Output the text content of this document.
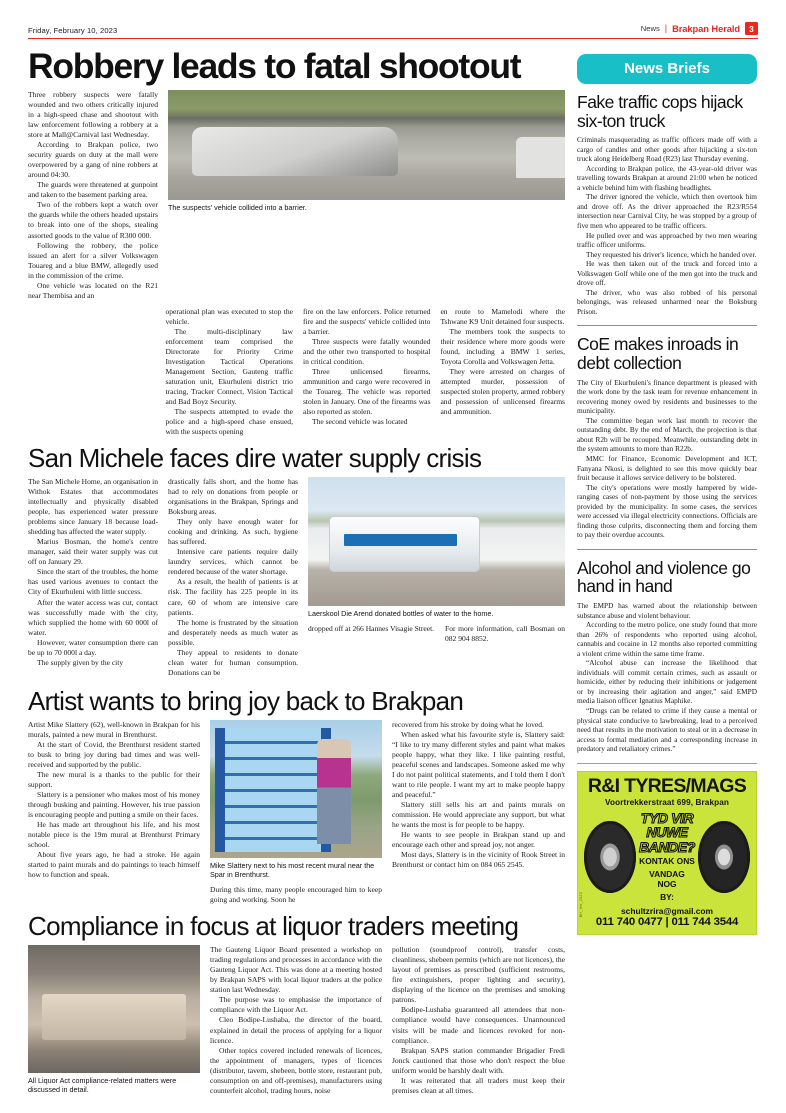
Friday, February 10, 2023	News | Brakpan Herald	3
Robbery leads to fatal shootout

Three robbery suspects were fatally wounded and two others critically injured in a high-speed chase and shootout with law enforcement following a robbery at a store at Mall@Carnival last Wednesday.

According to Brakpan police, two security guards on duty at the mall were overpowered by a gang of nine robbers at around 04:30.

The guards were threatened at gunpoint and taken to the basement parking area.

Two of the robbers kept a watch over the guards while the others headed upstairs to break into one of the shops, stealing assorted goods to the value of R300 000.

Following the robbery, the police issued an alert for a silver Volkswagen Touareg and a blue BMW, allegedly used in the commission of the crime.

One vehicle was located on the R21 near Thembisa and an

The suspects' vehicle collided into a barrier.

operational plan was executed to stop the vehicle.

The multi-disciplinary law enforcement team comprised the Directorate for Priority Crime Investigation Tactical Operations Management Section, Gauteng traffic saturation unit, Ekurhuleni district trio tracing, Tracker Connect, Vision Tactical and Bad Boyz Security.

The suspects attempted to evade the police and a high-speed chase ensued, with the suspects opening

fire on the law enforcers. Police returned fire and the suspects' vehicle collided into a barrier.

Three suspects were fatally wounded and the other two transported to hospital in critical condition.

Three unlicensed firearms, ammunition and cargo were recovered in the Touareg. The vehicle was reported stolen in January. One of the firearms was also reported as stolen.

The second vehicle was located

en route to Mamelodi where the Tshwane K9 Unit detained four suspects.

The members took the suspects to their residence where more goods were found, including a BMW 1 series, Toyota Corolla and Volkswagen Jetta.

They were arrested on charges of attempted murder, possession of suspected stolen property, armed robbery and possession of unlicensed firearms and ammunition.

San Michele faces dire water supply crisis

The San Michele Home, an organisation in Withok Estates that accommodates intellectually and physically disabled people, has experienced water pressure problems since January 18 because load-shedding has affected the water supply.

Marius Bosman, the home's centre manager, said their water supply was cut off on January 29.

Since the start of the troubles, the home has used various avenues to contact the City of Ekurhuleni with little success.

After the water access was cut, contact was successfully made with the city, which supplied the home with 60 000l of water.

However, water consumption there can be up to 70 000l a day.

The supply given by the city

drastically falls short, and the home has had to rely on donations from people or organisations in the Brakpan, Springs and Boksburg areas.

They only have enough water for cooking and drinking. As such, hygiene has suffered.

Intensive care patients require daily laundry services, which cannot be rendered because of the water shortage.

As a result, the health of patients is at risk. The facility has 225 people in its care, 60 of whom are intensive care patients.

The home is frustrated by the situation and desperately needs as much water as possible.

They appeal to residents to donate clean water for human consumption. Donations can be

Laerskool Die Arend donated bottles of water to the home.

dropped off at 266 Hannes Visagie Street. For more information, call Bosman on 082 904 8852.

Artist wants to bring joy back to Brakpan

Artist Mike Slattery (62), well-known in Brakpan for his murals, painted a new mural in Brenthurst.

At the start of Covid, the Brenthurst resident started to busk to bring joy during bad times and was well-received and supported by the public.

The new mural is a thanks to the public for their support.

Slattery is a pensioner who makes most of his money through busking and painting. However, his true passion is encouraging people and putting a smile on their faces.

He has made art throughout his life, and his most notable piece is the 19m mural at Brenthurst Primary school.

About five years ago, he had a stroke. He again started to paint murals and do paintings to teach himself how to function and speak.

Mike Slattery next to his most recent mural near the Spar in Brenthurst.

During this time, many people encouraged him to keep going and working. Soon he

recovered from his stroke by doing what he loved.

When asked what his favourite style is, Slattery said: “I like to try many different styles and paint what makes people happy, what they like. I like painting restful, peaceful scenes and landscapes. Someone asked me why I do not paint political statements, and I told them I don't want to rile people. I want my art to make people happy and peaceful.”

Slattery still sells his art and paints murals on commission. He would appreciate any support, but what he wants the most is for people to be happy.

He wants to see people in Brakpan stand up and encourage each other and spread joy, not anger.

Most days, Slattery is in the vicinity of Rook Street in Brenthurst or contact him on 084 065 2545.

Compliance in focus at liquor traders meeting
All Liquor Act compliance-related matters were discussed in detail.

The Gauteng Liquor Board presented a workshop on trading regulations and processes in accordance with the Gauteng Liquor Act. This was done at a meeting hosted by Brakpan SAPS with local liquor traders at the police station last Wednesday.

The purpose was to emphasise the importance of compliance with the Liquor Act.

Cleo Bodipe-Lushaba, the director of the board, explained in detail the process of applying for a liquor licence.

Other topics covered included renewals of licences, the appointment of managers, types of licences (distributor, tavern, shebeen, bottle store, restaurant pub, consumption on and off-premises), manufacturers using counterfeit alcohol, trading hours, noise

pollution (soundproof control), transfer costs, cleanliness, shebeen permits (which are not licences), the layout of premises as prescribed (sufficient restrooms, fire extinguishers, proper lighting and security), displaying of the licence on the premises and smoking patrons.

Bodipe-Lushaba guaranteed all attendees that non-compliance would have consequences. Unannounced visits will be made and licences revoked for non-compliance.

Brakpan SAPS station commander Brigadier Fredi Jonck cautioned that those who don't respect the blue uniform would be harshly dealt with.

It was reiterated that all traders must keep their premises clean at all times.

News Briefs
Fake traffic cops hijack six-ton truck

Criminals masquerading as traffic officers made off with a cargo of candles and other goods after hijacking a six-ton truck along Heidelberg Road (R23) last Thursday evening.

According to Brakpan police, the 43-year-old driver was travelling towards Brakpan at around 21:00 when he noticed a vehicle behind him with flashing headlights.

The driver ignored the vehicle, which then overtook him and drove off. As the driver approached the R23/R554 intersection near Carnival City, he was stopped by a group of five men who appeared to be traffic officers.

He pulled over and was approached by two men wearing traffic officer uniforms.

They requested his driver's licence, which he handed over.

He was then taken out of the truck and forced into a Volkswagen Golf while one of the men got into the truck and drove off.

The driver, who was also robbed of his personal belongings, was released unharmed near the Boksburg Prison.

CoE makes inroads in debt collection

The City of Ekurhuleni's finance department is pleased with the work done by the task team for revenue enhancement in recovering money owed by residents and businesses to the municipality.

The committee began work last month to recover the outstanding debt. By the end of March, the projection is that about R2b will be recouped. Meanwhile, outstanding debt in the system amounts to more than R22b.

MMC for Finance, Economic Development and ICT, Fanyana Nkosi, is delighted to see this move quickly bear fruit because it allows service delivery to be bolstered.

The city's operations were mostly hampered by wide-ranging cases of non-payment by those using the services provided by the municipality. In some cases, the services were accessed via illegal electricity connections. Officials are finding those culprits, disconnecting them and forcing them to pay their overdue accounts.

Alcohol and violence go hand in hand

The EMPD has warned about the relationship between substance abuse and violent behaviour.

According to the metro police, one study found that more than 26% of respondents who reported using alcohol, cannabis and cocaine in 12 months also reported committing a violent crime within the same time frame.

“Alcohol abuse can increase the likelihood that individuals will commit certain crimes, such as assault or homicide, either by reducing their inhibitions or judgement or by increasing their agitation and anger,” said EMPD media liaison officer Ignatius Maphike.

“Drugs can be related to crime if they cause a mental or physical state conducive to lawbreaking, lead to a perceived need that results in the motivation to steal or in a decrease in access to formal mediation and a corresponding increase in predatory and retaliatory crimes.”

BH_feb_2023
R&I TYRES/MAGS
Voortrekkerstraat 699, Brakpan
TYD VIR
NUWE
BANDE?
KONTAK ONS
VANDAG NOG
BY:
schultzrira@gmail.com
011 740 0477 | 011 744 3544
